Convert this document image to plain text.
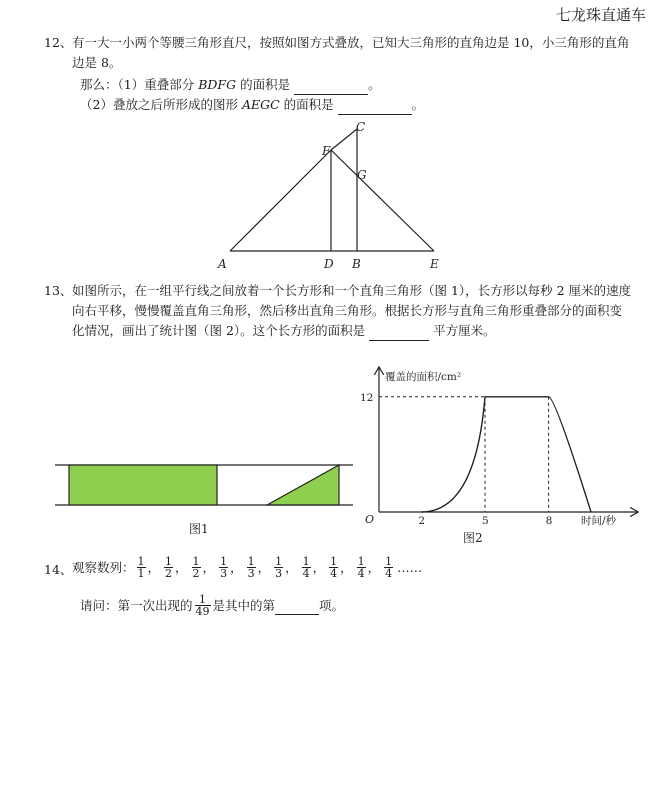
七龙珠直通车
12、 有一大一小两个等腰三角形直尺，按照如图方式叠放，已知大三角形的直角边是 10，小三角形的直角
边是 8。
那么：（1）重叠部分 BDFG 的面积是	。
（2）叠放之后所形成的图形 AEGC 的面积是	。
A	D B	E
F
C
G
13、 如图所示，在一组平行线之间放着一个长方形和一个直角三角形（图 1），长方形以每秒 2 厘米的速度
向右平移，慢慢覆盖直角三角形，然后移出直角三角形。根据长方形与直角三角形重叠部分的面积变
化情况，画出了统计图（图 2）。这个长方形的面积是	平方厘米。
图1
覆盖的面积/cm²
时间/秒
O	2	5	8
12
图2
14、 观察数列： $\frac{1}{1}$ ， $\frac{1}{2}$ ， $\frac{1}{2}$ ， $\frac{1}{3}$ ， $\frac{1}{3}$ ， $\frac{1}{3}$ ， $\frac{1}{4}$ ， $\frac{1}{4}$ ， $\frac{1}{4}$ ， $\frac{1}{4}$ ……
请问：第一次出现的 $\frac{1}{49}$ 是其中的第
	项。
